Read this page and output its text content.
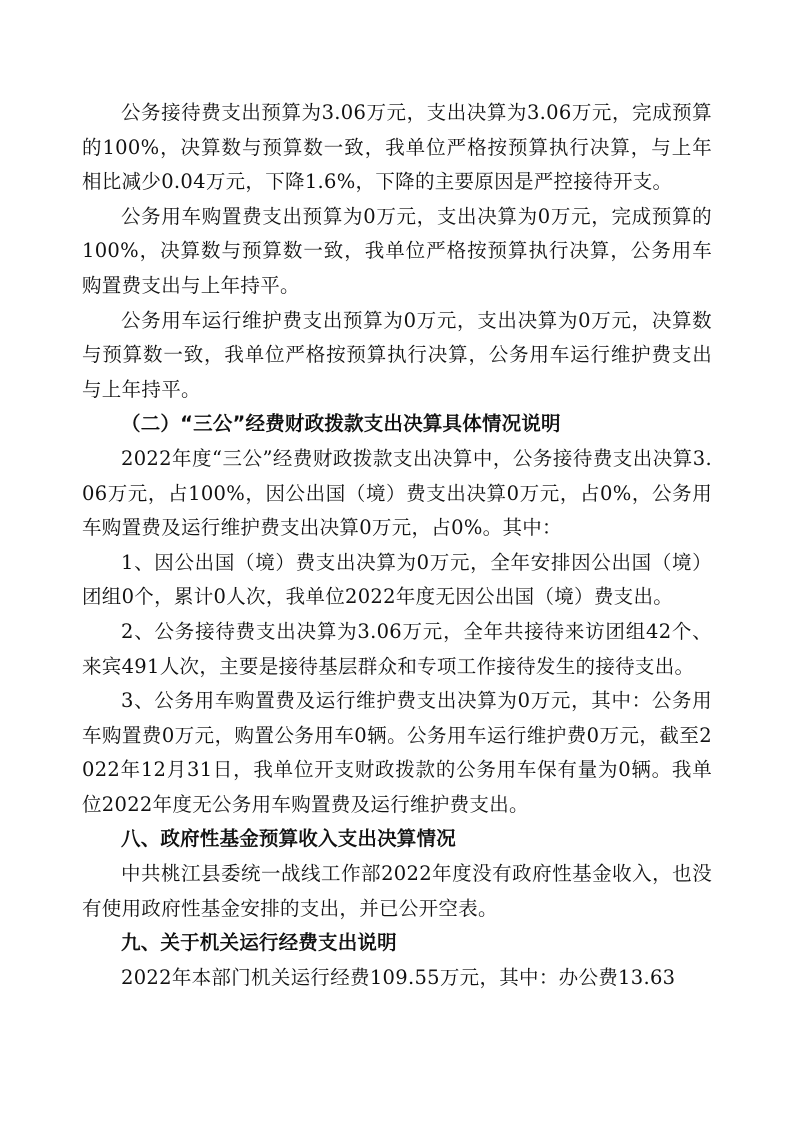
公务接待费支出预算为3.06万元，支出决算为3.06万元，完成预算的100%，决算数与预算数一致，我单位严格按预算执行决算，与上年相比减少0.04万元，下降1.6%，下降的主要原因是严控接待开支。

公务用车购置费支出预算为0万元，支出决算为0万元，完成预算的100%，决算数与预算数一致，我单位严格按预算执行决算，公务用车购置费支出与上年持平。

公务用车运行维护费支出预算为0万元，支出决算为0万元，决算数与预算数一致，我单位严格按预算执行决算，公务用车运行维护费支出与上年持平。

（二）“三公”经费财政拨款支出决算具体情况说明

2022年度“三公”经费财政拨款支出决算中，公务接待费支出决算3.06万元，占100%，因公出国（境）费支出决算0万元，占0%，公务用车购置费及运行维护费支出决算0万元，占0%。其中：

1、因公出国（境）费支出决算为0万元，全年安排因公出国（境）团组0个，累计0人次，我单位2022年度无因公出国（境）费支出。

2、公务接待费支出决算为3.06万元，全年共接待来访团组42个、来宾491人次，主要是接待基层群众和专项工作接待发生的接待支出。

3、公务用车购置费及运行维护费支出决算为0万元，其中：公务用车购置费0万元，购置公务用车0辆。公务用车运行维护费0万元，截至2022年12月31日，我单位开支财政拨款的公务用车保有量为0辆。我单位2022年度无公务用车购置费及运行维护费支出。

八、政府性基金预算收入支出决算情况

中共桃江县委统一战线工作部2022年度没有政府性基金收入，也没有使用政府性基金安排的支出，并已公开空表。

九、关于机关运行经费支出说明

2022年本部门机关运行经费109.55万元，其中：办公费13.63
